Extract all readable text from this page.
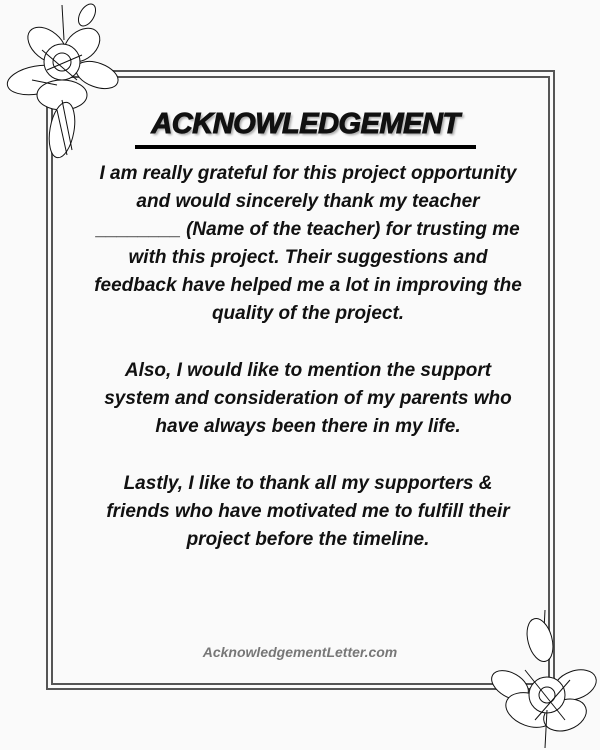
ACKNOWLEDGEMENT

I am really grateful for this project opportunity and would sincerely thank my teacher ________ (Name of the teacher) for trusting me with this project. Their suggestions and feedback have helped me a lot in improving the quality of the project.

Also, I would like to mention the support system and consideration of my parents who have always been there in my life.

Lastly, I like to thank all my supporters & friends who have motivated me to fulfill their project before the timeline.

AcknowledgementLetter.com
